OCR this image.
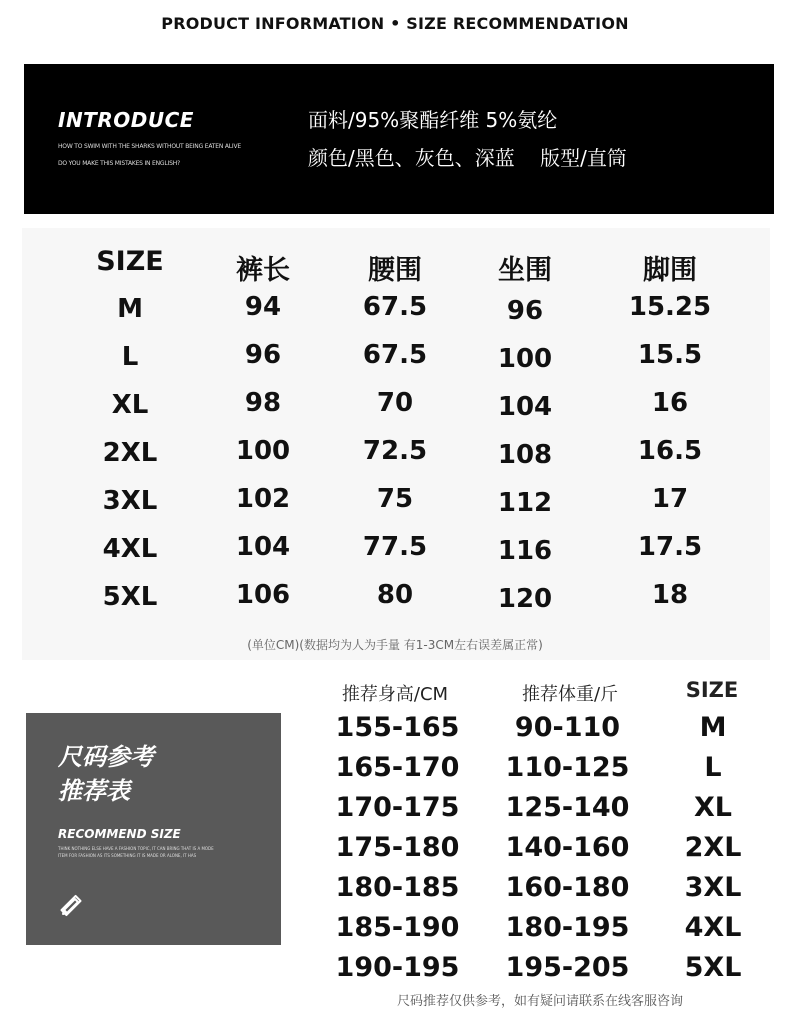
PRODUCT INFORMATION • SIZE RECOMMENDATION
INTRODUCE
HOW TO SWIM WITH THE SHARKS WITHOUT BEING EATEN ALIVE
DO YOU MAKE THIS MISTAKES IN ENGLISH?
面料/95%聚酯纤维 5%氨纶
颜色/黑色、灰色、深蓝    版型/直筒
SIZE	裤长	腰围	坐围	脚围
M	94	67.5	96	15.25
L	96	67.5	100	15.5
XL	98	70	104	16
2XL	100	72.5	108	16.5
3XL	102	75	112	17
4XL	104	77.5	116	17.5
5XL	106	80	120	18
(单位CM)(数据均为人为手量 有1-3CM左右误差属正常)
尺码参考
推荐表
RECOMMEND SIZE
THINK NOTHING ELSE HAVE A FASHION TOPIC, IT CAN BRING THAT IS A MODE
ITEM FOR FASHION AS ITS SOMETHING IT IS MADE OR ALONE, IT HAS
推荐身高/CM	推荐体重/斤	SIZE
155-165	90-110	M
165-170 110-125	L
170-175 125-140	XL
175-180 140-160	2XL
180-185 160-180	3XL
185-190 180-195	4XL
190-195 195-205	5XL
尺码推荐仅供参考，如有疑问请联系在线客服咨询
